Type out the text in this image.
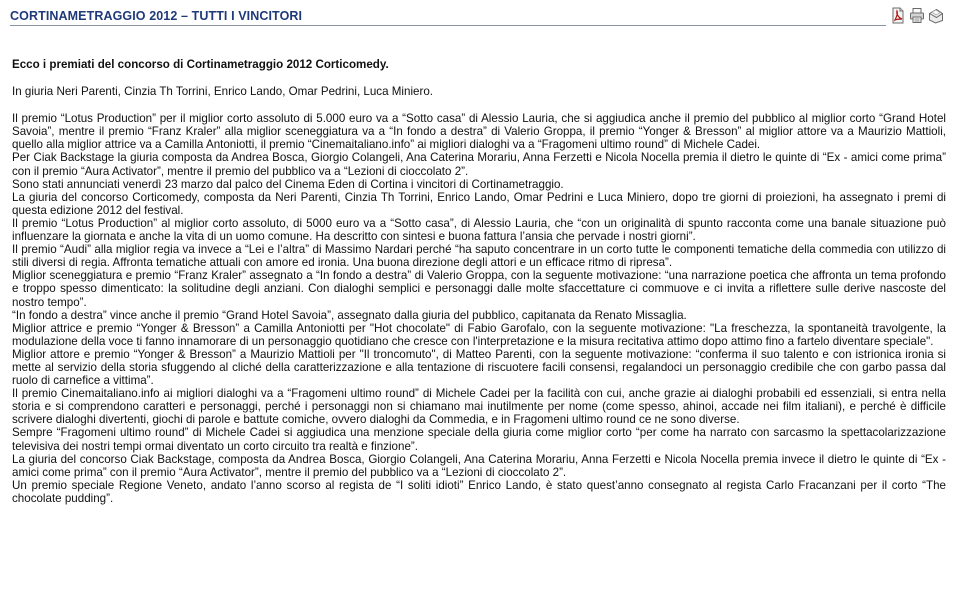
CORTINAMETRAGGIO 2012 – TUTTI I VINCITORI

Ecco i premiati del concorso di Cortinametraggio 2012 Corticomedy.

In giuria Neri Parenti, Cinzia Th Torrini, Enrico Lando, Omar Pedrini, Luca Miniero.

Il premio “Lotus Production” per il miglior corto assoluto di 5.000 euro va a “Sotto casa” di Alessio Lauria, che si aggiudica anche il premio del pubblico al miglior corto “Grand Hotel Savoia”, mentre il premio “Franz Kraler” alla miglior sceneggiatura va a “In fondo a destra” di Valerio Groppa, il premio “Yonger & Bresson” al miglior attore va a Maurizio Mattioli, quello alla miglior attrice va a Camilla Antoniotti, il premio “Cinemaitaliano.info” ai migliori dialoghi va a “Fragomeni ultimo round” di Michele Cadei.

Per Ciak Backstage la giuria composta da Andrea Bosca, Giorgio Colangeli, Ana Caterina Morariu, Anna Ferzetti e Nicola Nocella premia il dietro le quinte di “Ex - amici come prima” con il premio “Aura Activator”, mentre il premio del pubblico va a “Lezioni di cioccolato 2”.

Sono stati annunciati venerdì 23 marzo dal palco del Cinema Eden di Cortina i vincitori di Cortinametraggio.

La giuria del concorso Corticomedy, composta da Neri Parenti, Cinzia Th Torrini, Enrico Lando, Omar Pedrini e Luca Miniero, dopo tre giorni di proiezioni, ha assegnato i premi di questa edizione 2012 del festival.

Il premio “Lotus Production” al miglior corto assoluto, di 5000 euro va a “Sotto casa”, di Alessio Lauria, che “con un originalità di spunto racconta come una banale situazione può influenzare la giornata e anche la vita di un uomo comune. Ha descritto con sintesi e buona fattura l’ansia che pervade i nostri giorni”.

Il premio “Audi” alla miglior regia va invece a “Lei e l’altra” di Massimo Nardari perché “ha saputo concentrare in un corto tutte le componenti tematiche della commedia con utilizzo di stili diversi di regia. Affronta tematiche attuali con amore ed ironia. Una buona direzione degli attori e un efficace ritmo di ripresa”.

Miglior sceneggiatura e premio “Franz Kraler” assegnato a “In fondo a destra” di Valerio Groppa, con la seguente motivazione: “una narrazione poetica che affronta un tema profondo e troppo spesso dimenticato: la solitudine degli anziani. Con dialoghi semplici e personaggi dalle molte sfaccettature ci commuove e ci invita a riflettere sulle derive nascoste del nostro tempo”.

“In fondo a destra” vince anche il premio “Grand Hotel Savoia”, assegnato dalla giuria del pubblico, capitanata da Renato Missaglia.

Miglior attrice e premio “Yonger & Bresson” a Camilla Antoniotti per "Hot chocolate" di Fabio Garofalo, con la seguente motivazione: "La freschezza, la spontaneità travolgente, la modulazione della voce ti fanno innamorare di un personaggio quotidiano che cresce con l'interpretazione e la misura recitativa attimo dopo attimo fino a fartelo diventare speciale".

Miglior attore e premio “Yonger & Bresson” a Maurizio Mattioli per "Il troncomuto", di Matteo Parenti, con la seguente motivazione: “conferma il suo talento e con istrionica ironia si mette al servizio della storia sfuggendo al cliché della caratterizzazione e alla tentazione di riscuotere facili consensi, regalandoci un personaggio credibile che con garbo passa dal ruolo di carnefice a vittima”.

Il premio Cinemaitaliano.info ai migliori dialoghi va a “Fragomeni ultimo round” di Michele Cadei per la facilità con cui, anche grazie ai dialoghi probabili ed essenziali, si entra nella storia e si comprendono caratteri e personaggi, perché i personaggi non si chiamano mai inutilmente per nome (come spesso, ahinoi, accade nei film italiani), e perché è difficile scrivere dialoghi divertenti, giochi di parole e battute comiche, ovvero dialoghi da Commedia, e in Fragomeni ultimo round ce ne sono diverse.

Sempre “Fragomeni ultimo round” di Michele Cadei si aggiudica una menzione speciale della giuria come miglior corto “per come ha narrato con sarcasmo la spettacolarizzazione televisiva dei nostri tempi ormai diventato un corto circuito tra realtà e finzione”.

La giuria del concorso Ciak Backstage, composta da Andrea Bosca, Giorgio Colangeli, Ana Caterina Morariu, Anna Ferzetti e Nicola Nocella premia invece il dietro le quinte di “Ex - amici come prima” con il premio “Aura Activator”, mentre il premio del pubblico va a “Lezioni di cioccolato 2”.

Un premio speciale Regione Veneto, andato l’anno scorso al regista de “I soliti idioti” Enrico Lando, è stato quest’anno consegnato al regista Carlo Fracanzani per il corto “The chocolate pudding”.
